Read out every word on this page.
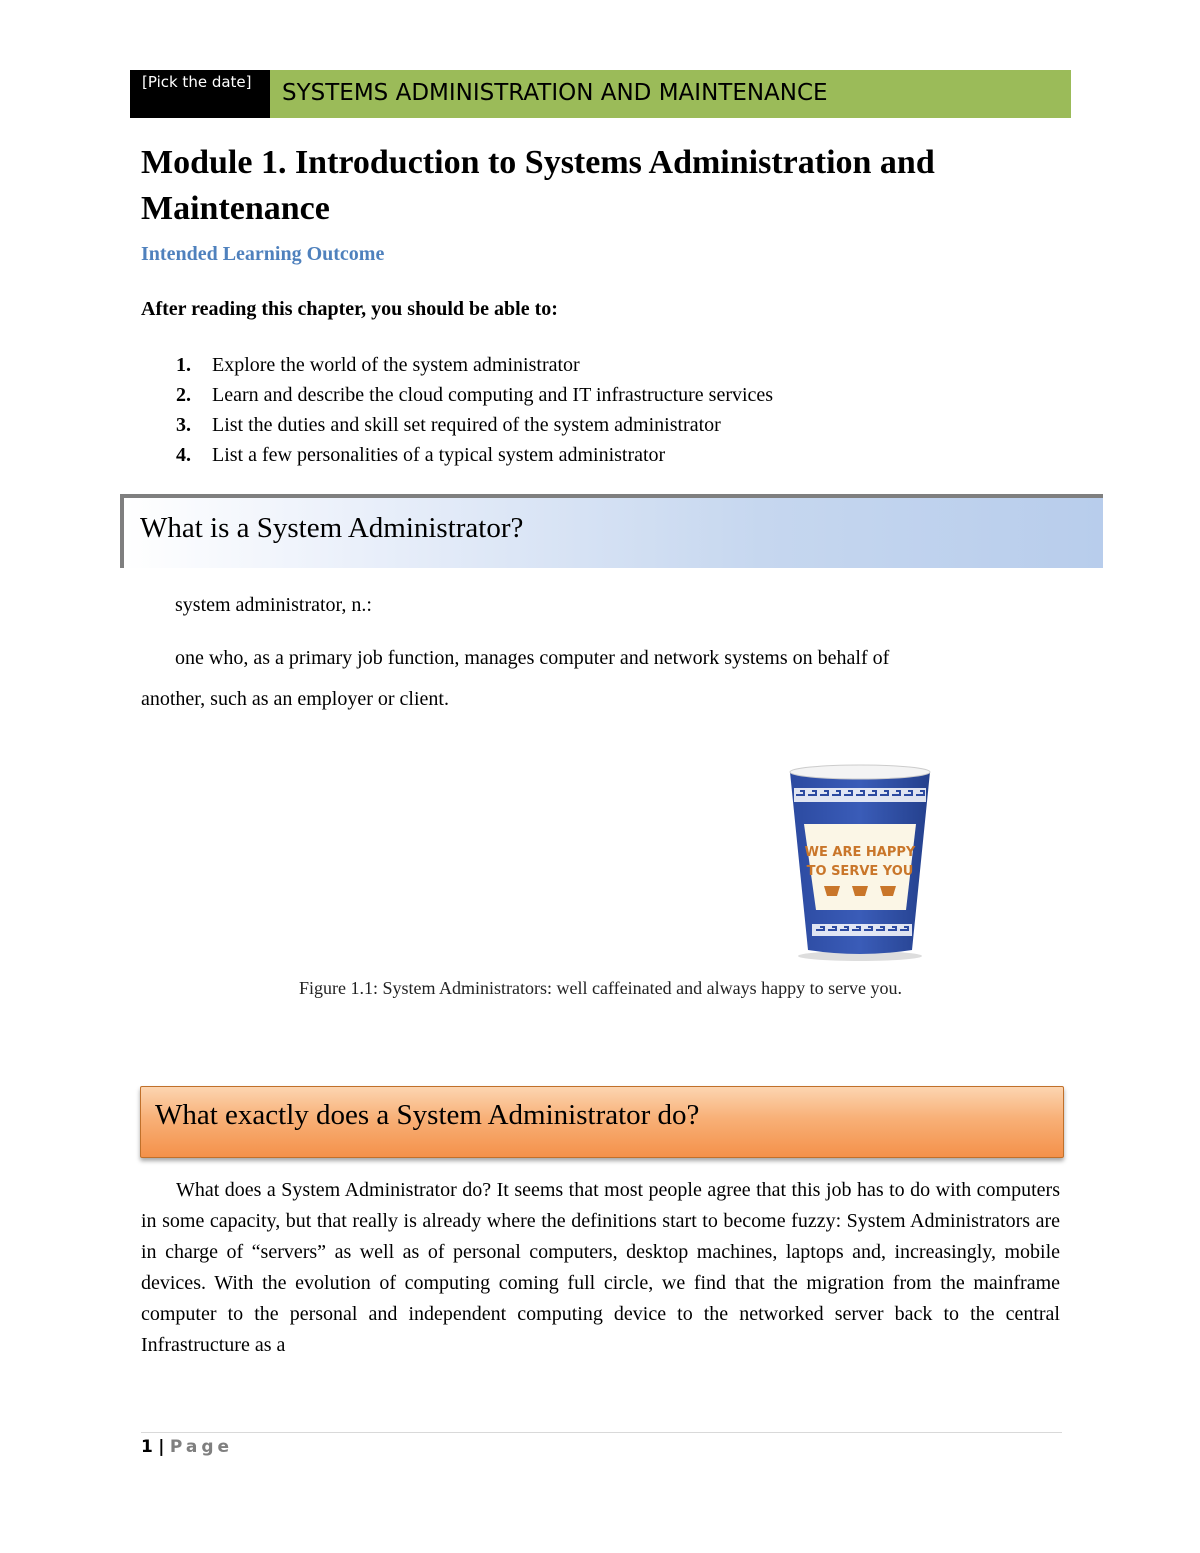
[Pick the date]	SYSTEMS ADMINISTRATION AND MAINTENANCE
Module 1. Introduction to Systems Administration and Maintenance
Intended Learning Outcome
After reading this chapter, you should be able to:
1. Explore the world of the system administrator
2. Learn and describe the cloud computing and IT infrastructure services
3. List the duties and skill set required of the system administrator
4. List a few personalities of a typical system administrator
What is a System Administrator?
system administrator, n.:
one who, as a primary job function, manages computer and network systems on behalf of
another, such as an employer or client.
WE ARE HAPPY
TO SERVE YOU
Figure 1.1: System Administrators: well caffeinated and always happy to serve you.
What exactly does a System Administrator do?
What does a System Administrator do? It seems that most people agree that this job has to do with computers in some capacity, but that really is already where the definitions start to become fuzzy: System Administrators are in charge of “servers” as well as of personal computers, desktop machines, laptops and, increasingly, mobile devices. With the evolution of computing coming full circle, we find that the migration from the mainframe computer to the personal and independent computing device to the networked server back to the central Infrastructure as a
1 | Page
